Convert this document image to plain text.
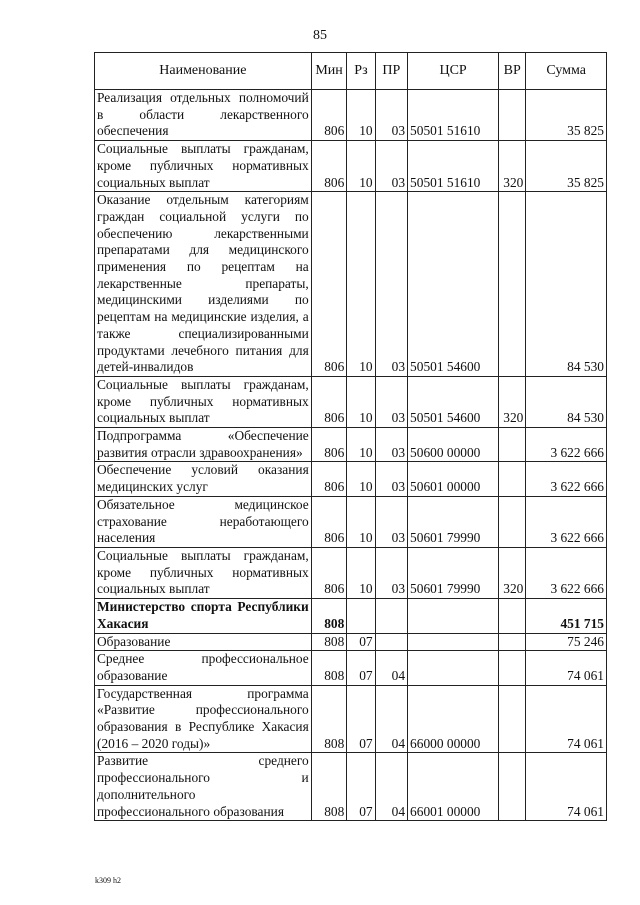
85
Наименование	Мин	Рз	ПР	ЦСР	ВР	Сумма
Реализация отдельных полномочий в области лекарственного обеспечения	806	10	03	50501 51610		35 825
Социальные выплаты гражданам, кроме публичных нормативных социальных выплат	806	10	03	50501 51610	320	35 825
Оказание отдельным категориям граждан социальной услуги по обеспечению лекарственными препаратами для медицинского применения по рецептам на лекарственные препараты, медицинскими изделиями по рецептам на медицинские изделия, а также специализированными продуктами лечебного питания для детей-инвалидов	806	10	03	50501 54600		84 530
Социальные выплаты гражданам, кроме публичных нормативных социальных выплат	806	10	03	50501 54600	320	84 530
Подпрограмма «Обеспечение развития отрасли здравоохранения»	806	10	03	50600 00000		3 622 666
Обеспечение условий оказания медицинских услуг	806	10	03	50601 00000		3 622 666
Обязательное медицинское страхование неработающего населения	806	10	03	50601 79990		3 622 666
Социальные выплаты гражданам, кроме публичных нормативных социальных выплат	806	10	03	50601 79990	320	3 622 666
Министерство спорта Республики Хакасия	808					451 715
Образование	808	07				75 246
Среднее профессиональное образование	808	07	04			74 061
Государственная программа «Развитие профессионального образования в Республике Хакасия (2016 – 2020 годы)»	808	07	04	66000 00000		74 061
Развитие среднего профессионального и дополнительного профессионального образования	808	07	04	66001 00000		74 061
k309 h2
